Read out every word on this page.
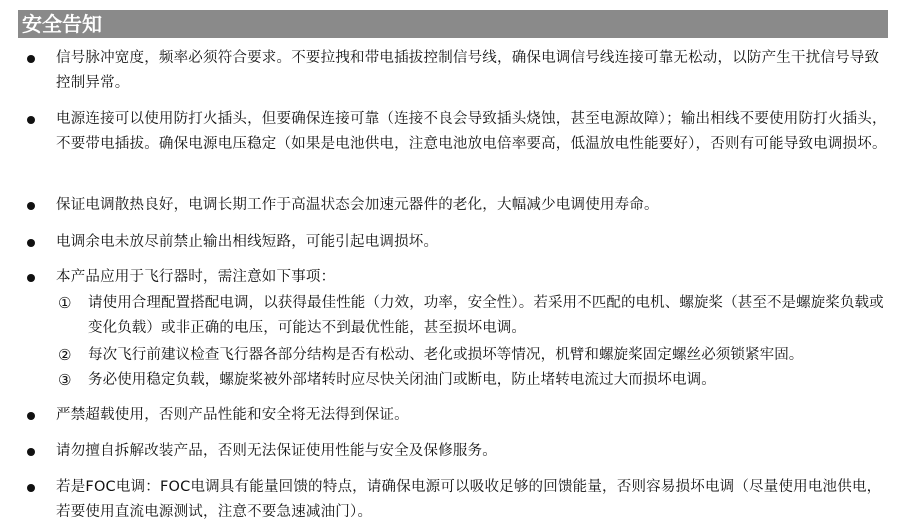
安全告知
信号脉冲宽度，频率必须符合要求。不要拉拽和带电插拔控制信号线，确保电调信号线连接可靠无松动，以防产生干扰信号导致控制异常。
电源连接可以使用防打火插头，但要确保连接可靠（连接不良会导致插头烧蚀，甚至电源故障）；输出相线不要使用防打火插头，不要带电插拔。确保电源电压稳定（如果是电池供电，注意电池放电倍率要高，低温放电性能要好），否则有可能导致电调损坏。
保证电调散热良好，电调长期工作于高温状态会加速元器件的老化，大幅减少电调使用寿命。
电调余电未放尽前禁止输出相线短路，可能引起电调损坏。
本产品应用于飞行器时，需注意如下事项：
① 请使用合理配置搭配电调，以获得最佳性能（力效，功率，安全性）。若采用不匹配的电机、螺旋桨（甚至不是螺旋桨负载或变化负载）或非正确的电压，可能达不到最优性能，甚至损坏电调。
② 每次飞行前建议检查飞行器各部分结构是否有松动、老化或损坏等情况，机臂和螺旋桨固定螺丝必须锁紧牢固。
③ 务必使用稳定负载，螺旋桨被外部堵转时应尽快关闭油门或断电，防止堵转电流过大而损坏电调。
严禁超载使用，否则产品性能和安全将无法得到保证。
请勿擅自拆解改装产品，否则无法保证使用性能与安全及保修服务。
若是FOC电调：FOC电调具有能量回馈的特点，请确保电源可以吸收足够的回馈能量，否则容易损坏电调（尽量使用电池供电，若要使用直流电源测试，注意不要急速减油门）。
